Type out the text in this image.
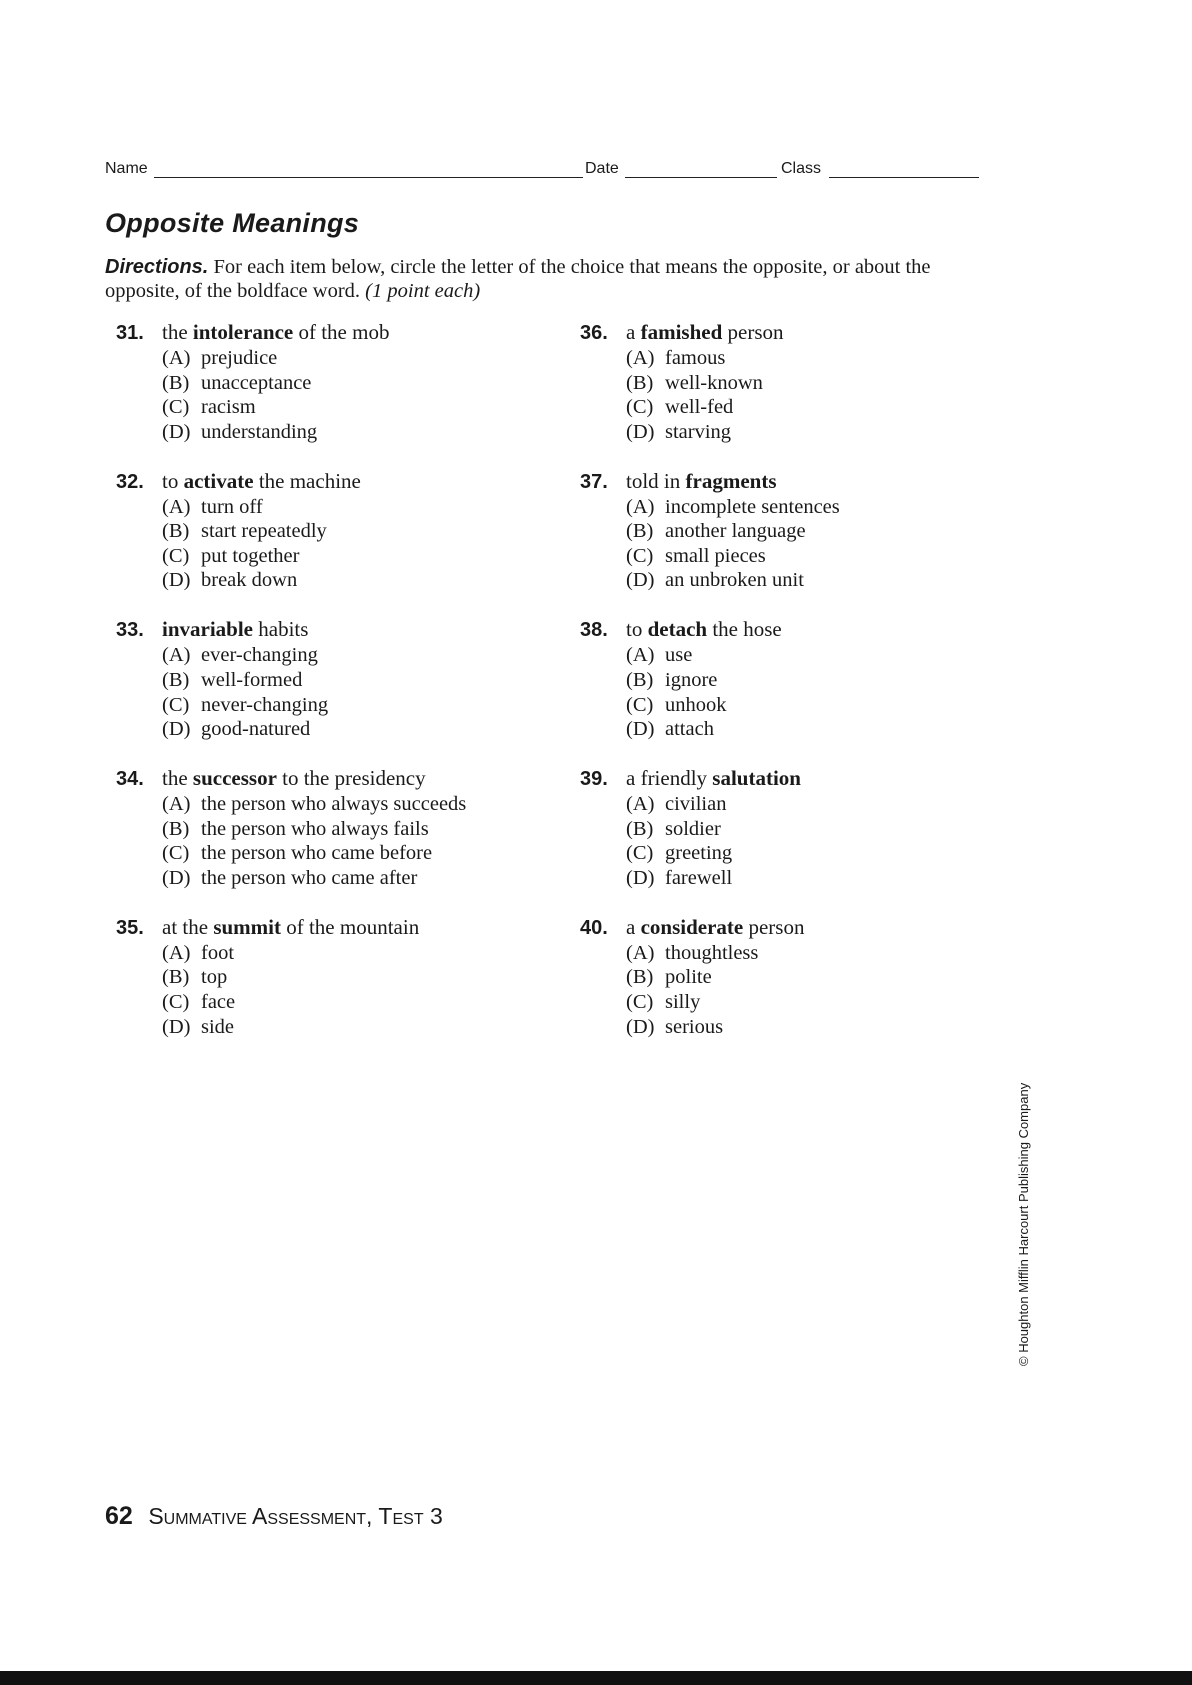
Name	Date	Class
Opposite Meanings
Directions. For each item below, circle the letter of the choice that means the opposite, or about the opposite, of the boldface word. (1 point each)
31. the intolerance of the mob
(A) prejudice
(B) unacceptance
(C) racism
(D) understanding
32. to activate the machine
(A) turn off
(B) start repeatedly
(C) put together
(D) break down
33. invariable habits
(A) ever-changing
(B) well-formed
(C) never-changing
(D) good-natured
34. the successor to the presidency
(A) the person who always succeeds
(B) the person who always fails
(C) the person who came before
(D) the person who came after
35. at the summit of the mountain
(A) foot
(B) top
(C) face
(D) side
36. a famished person
(A) famous
(B) well-known
(C) well-fed
(D) starving
37. told in fragments
(A) incomplete sentences
(B) another language
(C) small pieces
(D) an unbroken unit
38. to detach the hose
(A) use
(B) ignore
(C) unhook
(D) attach
39. a friendly salutation
(A) civilian
(B) soldier
(C) greeting
(D) farewell
40. a considerate person
(A) thoughtless
(B) polite
(C) silly
(D) serious
© Houghton Mifflin Harcourt Publishing Company
62 Summative Assessment, Test 3
